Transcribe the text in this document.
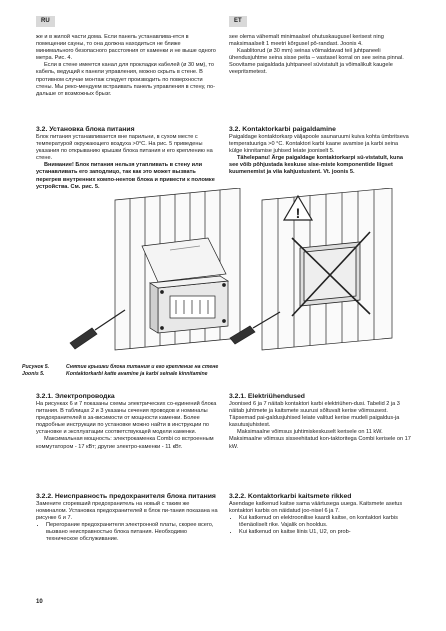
RU	ET

же и в жилой части дома. Если панель устанавлива-ется в помещении сауны, то она должна находиться не ближе минимального безопасного расстояния от каменки и не выше одного метра. Рис. 4.

Если в стене имеется канал для прокладки кабелей (ø 30 мм), то кабель, ведущий к панели управления, можно скрыть в стене. В противном случае монтаж следует производить по поверхности стены. Мы реко-мендуем встраивать панель управления в стену, по-дальше от возможных брызг.

see olema vähemalt minimaalsel ohutuskaugusel kerisest ning maksimaalselt 1 meetri kõrgusel põ-randast. Joonis 4.

Kaablitorud (ø 30 mm) seinas võimaldavad teil juhtpaneeli ühendusjuhtme seina sisse peita – vastasel korral on see seina pinnal. Soovitame paigaldada juhtpaneel süvistatult ja võimalikult kaugele veepritsmetest.

3.2. Установка блока питания

Блок питания устанавливается вне парильни, в сухом месте с температурой окружающего воздуха >0°C. На рис. 5 приведены указания по открыванию крышки блока питания и его креплению на стене.

Внимание! Блок питания нельзя утапливать в стену или устанавливать его заподлицо, так как это может вызвать перегрев внутренних компо-нентов блока и привести к поломке устройства. См. рис. 5.

3.2. Kontaktorkarbi paigaldamine

Paigaldage kontaktorkarp väljapoole saunaruumi kuiva kohta ümbritseva temperatuuriga >0 °C. Kontaktori karbi kaane avamise ja karbi seina külge kinnitamise juhised leiate jooniselt 5.

Tähelepanu! Ärge paigaldage kontaktorkarpi sü-vistatult, kuna see võib põhjustada keskuse sise-miste komponentide liigset kuumenemist ja viia kahjustustent. Vt. joonis 5.

!
Рисунок 5.	Снятие крышки блока питания и его крепление на стене
Joonis 5.	Kontaktorkarbi katte avamine ja karbi seinale kinnitamine

3.2.1. Электропроводка

На рисунках 6 и 7 показаны схемы электрических со-единений блока питания. В таблицах 2 и 3 указаны сечения проводов и номиналы предохранителей в за-висимости от мощности каменки. Более подробные инструкции по установке можно найти в инструкции по установке и эксплуатации соответствующей модели каменки.

Максимальная мощность: электрокаменка Combi со встроенным коммутатором - 17 кВт; другие электро-каменки - 11 кВт.

3.2.1. Elektriühendused

Joonised 6 ja 7 näitab kontaktori karbi elektriühen-dusi. Tabelid 2 ja 3 näitab juhtmete ja kaitsmete suurusi sõltuvalt kerise võimsusest. Täpsemad pai-galdusjuhised leiate valitud kerise mudeli paigaldus-ja kasutusjuhistest.

Maksimaalne võimsus juhtimiskeskuselt kerisele on 11 kW. Maksimaalne võimsus sisseehitatud kon-taktoritega Combi kerisele on 17 kW.

3.2.2. Неисправность предохранителя блока питания

Замените сгоревший предохранитель на новый с таким же номиналом. Установка предохранителей в блок пи-тания показана на рисунке 6 и 7.

• Перегорание предохранителя электронной платы, скорее всего, вызвано неисправностью блока питания. Необходимо техническое обслуживание.

3.2.2. Kontaktorkarbi kaitsmete rikked

Asendage katkenud kaitse sama väärtusega uuega. Kaitsmete asetus kontaktori karbis on näidatud joo-nisel 6 ja 7.

• Kui katkenud on elektroonilise kaardi kaitse, on kontaktori karbis tõenäoliselt rike. Vajalik on hooldus.
• Kui katkenud on kaitse liinis U1, U2, on prob-
10
